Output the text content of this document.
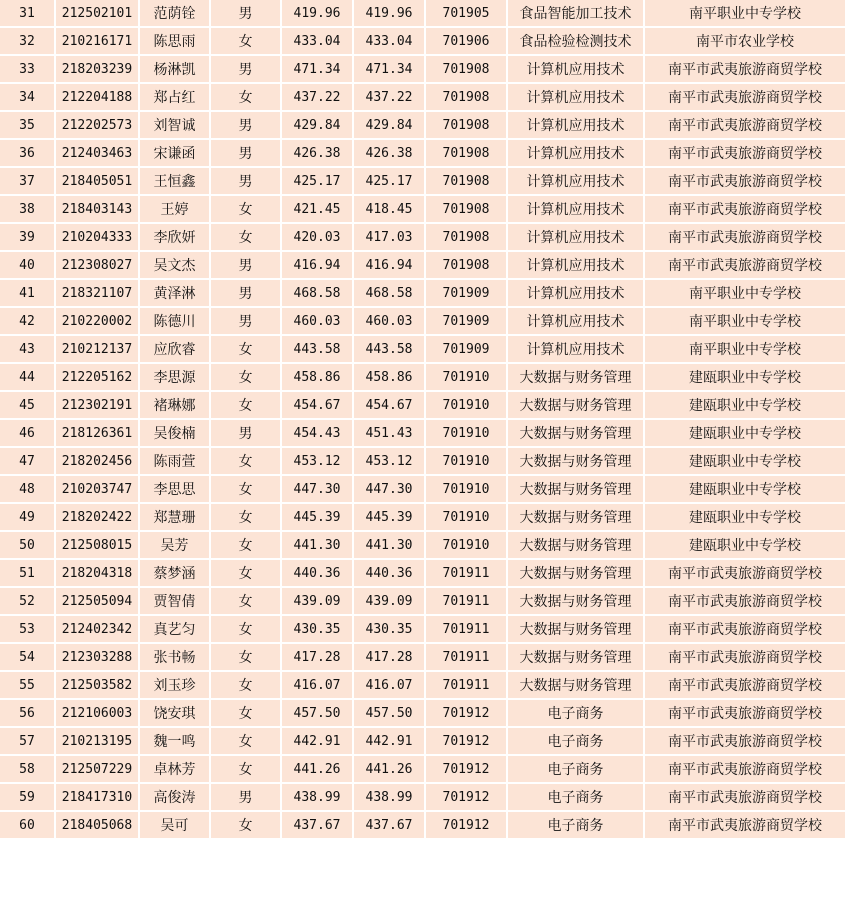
31	212502101	范荫铨	男	419.96	419.96	701905	食品智能加工技术	南平职业中专学校
32	210216171	陈思雨	女	433.04	433.04	701906	食品检验检测技术	南平市农业学校
33	218203239	杨淋凯	男	471.34	471.34	701908	计算机应用技术	南平市武夷旅游商贸学校
34	212204188	郑占红	女	437.22	437.22	701908	计算机应用技术	南平市武夷旅游商贸学校
35	212202573	刘智诚	男	429.84	429.84	701908	计算机应用技术	南平市武夷旅游商贸学校
36	212403463	宋谦函	男	426.38	426.38	701908	计算机应用技术	南平市武夷旅游商贸学校
37	218405051	王恒鑫	男	425.17	425.17	701908	计算机应用技术	南平市武夷旅游商贸学校
38	218403143	王婷	女	421.45	418.45	701908	计算机应用技术	南平市武夷旅游商贸学校
39	210204333	李欣妍	女	420.03	417.03	701908	计算机应用技术	南平市武夷旅游商贸学校
40	212308027	吴文杰	男	416.94	416.94	701908	计算机应用技术	南平市武夷旅游商贸学校
41	218321107	黄泽淋	男	468.58	468.58	701909	计算机应用技术	南平职业中专学校
42	210220002	陈德川	男	460.03	460.03	701909	计算机应用技术	南平职业中专学校
43	210212137	应欣睿	女	443.58	443.58	701909	计算机应用技术	南平职业中专学校
44	212205162	李思源	女	458.86	458.86	701910	大数据与财务管理	建瓯职业中专学校
45	212302191	褚琳娜	女	454.67	454.67	701910	大数据与财务管理	建瓯职业中专学校
46	218126361	吴俊楠	男	454.43	451.43	701910	大数据与财务管理	建瓯职业中专学校
47	218202456	陈雨萱	女	453.12	453.12	701910	大数据与财务管理	建瓯职业中专学校
48	210203747	李思思	女	447.30	447.30	701910	大数据与财务管理	建瓯职业中专学校
49	218202422	郑慧珊	女	445.39	445.39	701910	大数据与财务管理	建瓯职业中专学校
50	212508015	吴芳	女	441.30	441.30	701910	大数据与财务管理	建瓯职业中专学校
51	218204318	蔡梦涵	女	440.36	440.36	701911	大数据与财务管理	南平市武夷旅游商贸学校
52	212505094	贾智倩	女	439.09	439.09	701911	大数据与财务管理	南平市武夷旅游商贸学校
53	212402342	真艺匀	女	430.35	430.35	701911	大数据与财务管理	南平市武夷旅游商贸学校
54	212303288	张书畅	女	417.28	417.28	701911	大数据与财务管理	南平市武夷旅游商贸学校
55	212503582	刘玉珍	女	416.07	416.07	701911	大数据与财务管理	南平市武夷旅游商贸学校
56	212106003	饶安琪	女	457.50	457.50	701912	电子商务	南平市武夷旅游商贸学校
57	210213195	魏一鸣	女	442.91	442.91	701912	电子商务	南平市武夷旅游商贸学校
58	212507229	卓林芳	女	441.26	441.26	701912	电子商务	南平市武夷旅游商贸学校
59	218417310	高俊涛	男	438.99	438.99	701912	电子商务	南平市武夷旅游商贸学校
60	218405068	吴可	女	437.67	437.67	701912	电子商务	南平市武夷旅游商贸学校
